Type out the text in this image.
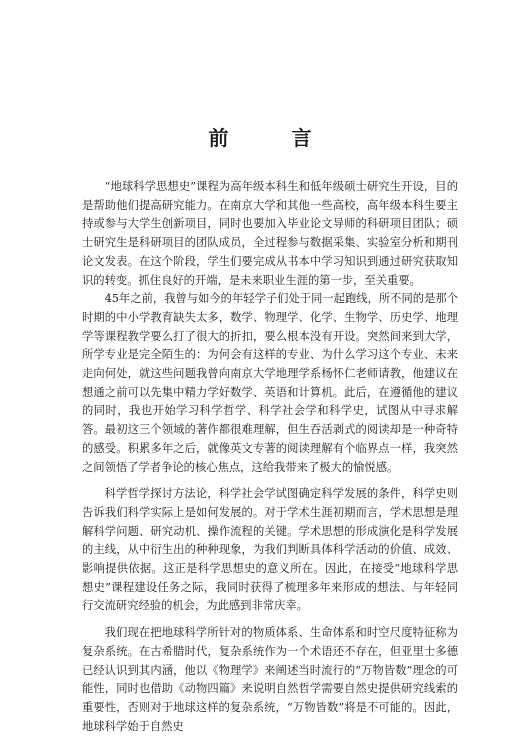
前 言

“地球科学思想史”课程为高年级本科生和低年级硕士研究生开设，目的是帮助他们提高研究能力。在南京大学和其他一些高校，高年级本科生要主持或参与大学生创新项目，同时也要加入毕业论文导师的科研项目团队；硕士研究生是科研项目的团队成员，全过程参与数据采集、实验室分析和期刊论文发表。在这个阶段，学生们要完成从书本中学习知识到通过研究获取知识的转变。抓住良好的开端，是未来职业生涯的第一步，至关重要。

45年之前，我曾与如今的年轻学子们处于同一起跑线，所不同的是那个时期的中小学教育缺失太多，数学、物理学、化学、生物学、历史学、地理学等课程教学要么打了很大的折扣，要么根本没有开设。突然间来到大学，所学专业是完全陌生的：为何会有这样的专业、为什么学习这个专业、未来走向何处，就这些问题我曾向南京大学地理学系杨怀仁老师请教，他建议在想通之前可以先集中精力学好数学、英语和计算机。此后，在遵循他的建议的同时，我也开始学习科学哲学、科学社会学和科学史，试图从中寻求解答。最初这三个领域的著作都很难理解，但生吞活剥式的阅读却是一种奇特的感受。积累多年之后，就像英文专著的阅读理解有个临界点一样，我突然之间领悟了学者争论的核心焦点，这给我带来了极大的愉悦感。

科学哲学探讨方法论，科学社会学试图确定科学发展的条件，科学史则告诉我们科学实际上是如何发展的。对于学术生涯初期而言，学术思想是理解科学问题、研究动机、操作流程的关键。学术思想的形成演化是科学发展的主线，从中衍生出的种种现象，为我们判断具体科学活动的价值、成效、影响提供依据。这正是科学思想史的意义所在。因此，在接受“地球科学思想史”课程建设任务之际，我同时获得了梳理多年来形成的想法、与年轻同行交流研究经验的机会，为此感到非常庆幸。

我们现在把地球科学所针对的物质体系、生命体系和时空尺度特征称为复杂系统。在古希腊时代，复杂系统作为一个术语还不存在，但亚里士多德已经认识到其内涵，他以《物理学》来阐述当时流行的“万物皆数”理念的可能性，同时也借助《动物四篇》来说明自然哲学需要自然史提供研究线索的重要性，否则对于地球这样的复杂系统，“万物皆数”将是不可能的。因此，地球科学始于自然史
